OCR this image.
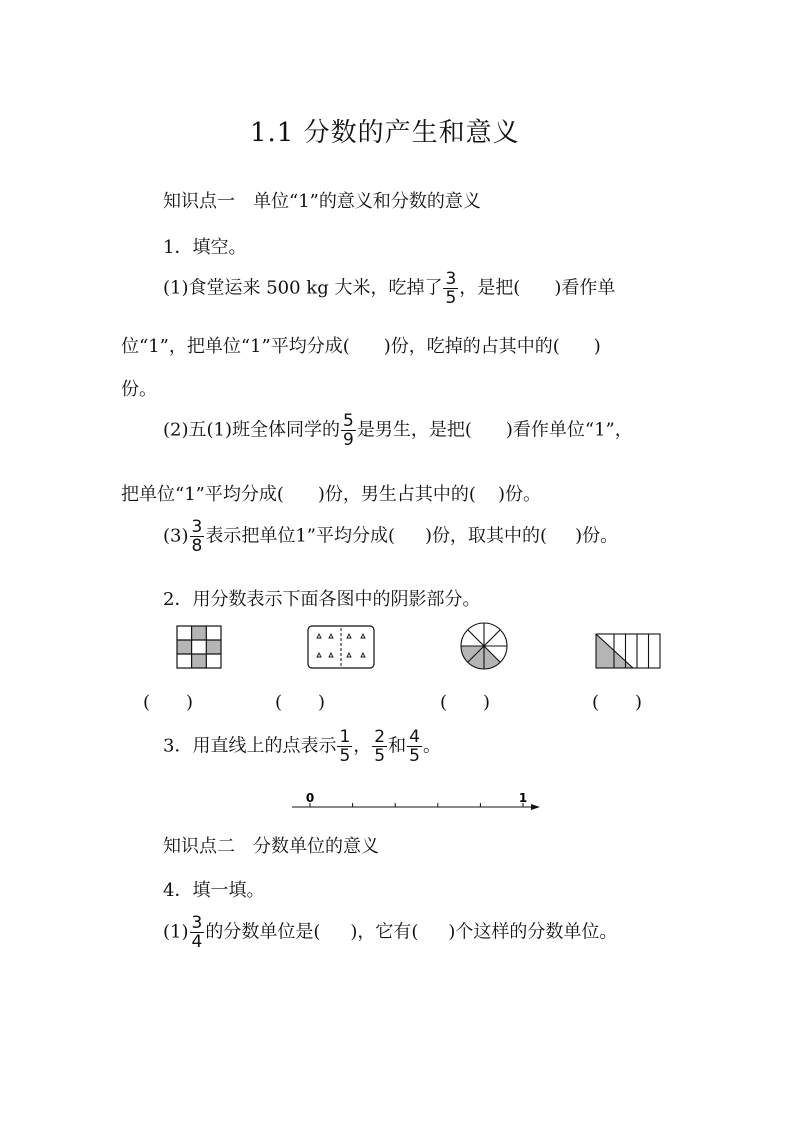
1.1 分数的产生和意义
知识点一　单位“1”的意义和分数的意义
1．填空。
(1)食堂运来 500 kg 大米，吃掉了 $\frac{3}{5}$ ，是把( )看作单
位“1”，把单位“1”平均分成( )份，吃掉的占其中的( )
份。
(2)五(1)班全体同学的 $\frac{5}{9}$ 是男生，是把( )看作单位“1”，
把单位“1”平均分成( )份，男生占其中的( )份。
$(3) \frac{3}{8}$ 表示把单位1”平均分成( )份，取其中的( )份。
2．用分数表示下面各图中的阴影部分。
(　　)	(　　)	(　　)	(　　)
3．用直线上的点表示 $\frac{1}{5}$ ， $\frac{2}{5}$ 和 $\frac{4}{5}$ 。
0	1
知识点二　分数单位的意义
4．填一填。
$(1) \frac{3}{4}$ 的分数单位是( )，它有( )个这样的分数单位。
